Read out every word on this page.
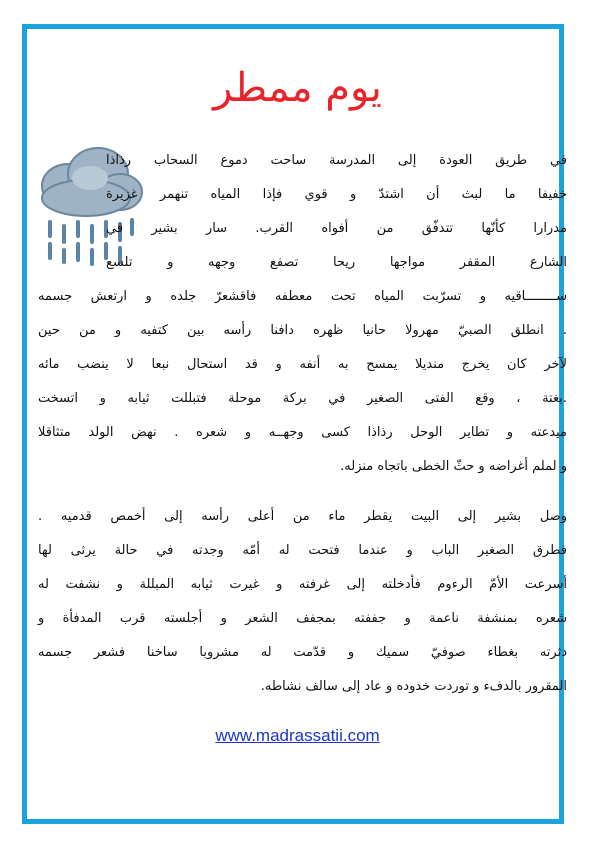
يوم ممطر
في طريق العودة إلى المدرسة ساحت دموع السحاب رذاذا
خفيفا ما لبث أن اشتدّ و قوي فإذا المياه تنهمر غزيرة
مدرارا كأنّها تتدفّق من أفواه القرب. سار بشير في
الشارع المقفر مواجها ريحا تصفع وجهه و تلسع
ســــــــاقيه و تسرّبت المياه تحت معطفه فاقشعرّ جلده و ارتعش جسمه
. انطلق الصبيّ مهرولا حانيا ظهره دافنا رأسه بين كتفيه و من حين
لآخر كان يخرج منديلا يمسح به أنفه و قد استحال نبعا لا ينضب مائه
.بغتة ، وقع الفتى الصغير في بركة موحلة فتبللت ثيابه و اتسخت
ميدعته و تطاير الوحل رذاذا كسى وجهــه و شعره . نهض الولد متثاقلا
و لملم أغراضه و حثّ الخطى باتجاه منزله.
وصل بشير إلى البيت يقطر ماء من أعلى رأسه إلى أخمص قدميه .
فطرق الصغير الباب و عندما فتحت له أمّه وجدته في حالة يرثى لها
أسرعت الأمّ الرءوم فأدخلته إلى غرفته و غيرت ثيابه المبللة و نشفت له
شعره بمنشفة ناعمة و جففته بمجفف الشعر و أجلسته قرب المدفأة و
دثرته بغطاء صوفيّ سميك و قدّمت له مشروبا ساخنا فشعر جسمه
المقرور بالدفء و توردت خدوده و عاد إلى سالف نشاطه.
www.madrassatii.com
